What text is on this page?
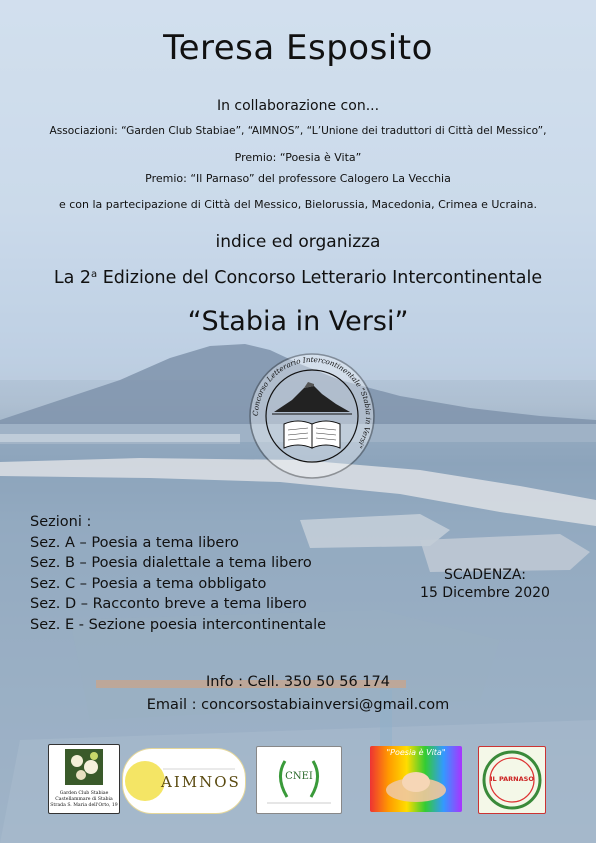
Teresa Esposito
In collaborazione con...
Associazioni: “Garden Club Stabiae”, “AIMNOS”, “L’Unione dei traduttori di Città del Messico”,
Premio: “Poesia è Vita”
Premio: “Il Parnaso” del professore Calogero La Vecchia
e con la partecipazione di Città del Messico, Bielorussia, Macedonia, Crimea e Ucraina.
indice ed organizza
La 2$^a$ Edizione del Concorso Letterario Intercontinentale
“Stabia in Versi”
Concorso Letterario Intercontinentale "Stabia in Versi"
Sezioni :
Sez. A – Poesia a tema libero
Sez. B – Poesia dialettale a tema libero
Sez. C – Poesia a tema obbligato
Sez. D – Racconto breve a tema libero
Sez. E - Sezione poesia intercontinentale
SCADENZA:
15 Dicembre 2020
Info : Cell. 350 50 56 174
Email : concorsostabiainversi@gmail.com
Garden Club Stabiae
Castellammare di Stabia
Strada S. Maria dell'Orto, 19
AIMNOS	CNEI
"Poesia è Vita"
IL PARNASO
